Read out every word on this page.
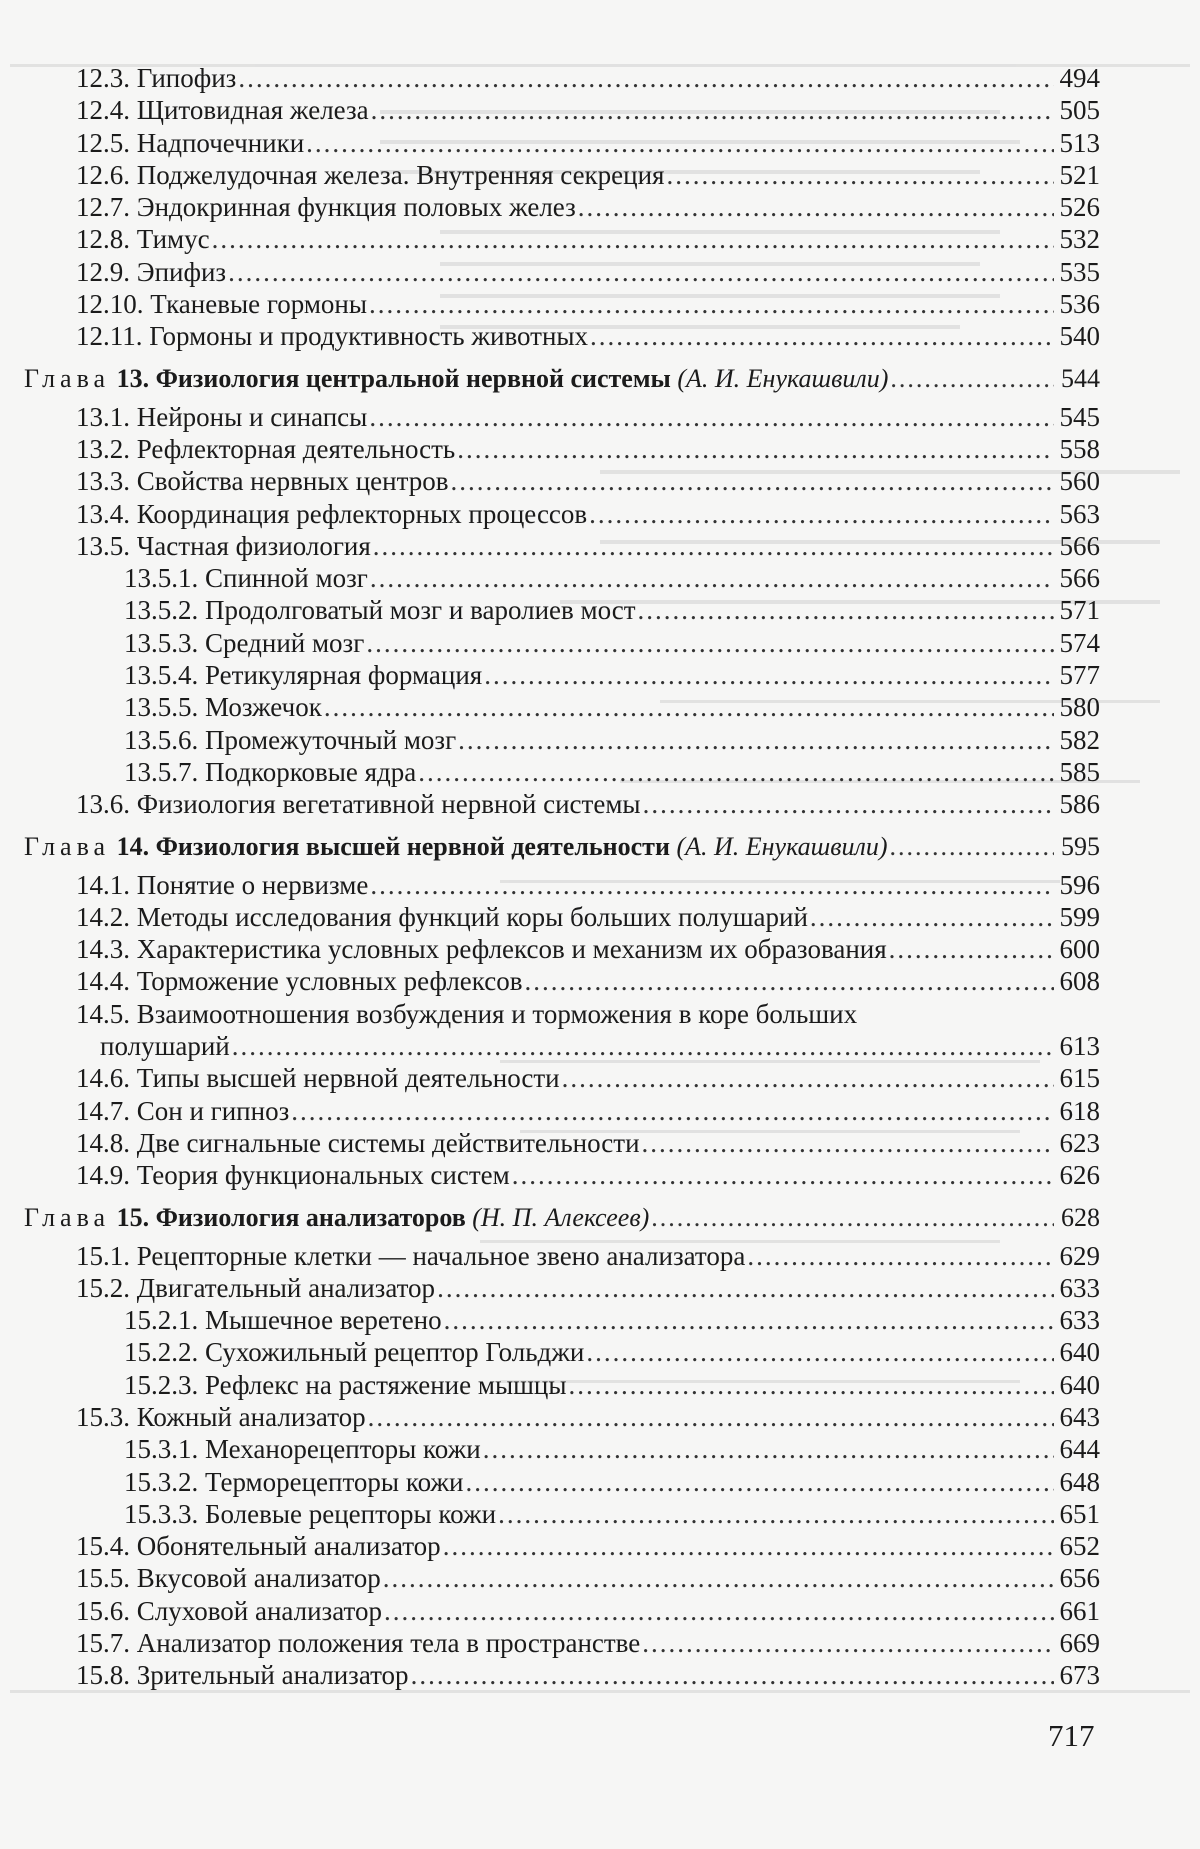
12.3. Гипофиз .....	494
12.4. Щитовидная железа .....	505
12.5. Надпочечники .....	513
12.6. Поджелудочная железа. Внутренняя секреция .....	521
12.7. Эндокринная функция половых желез .....	526
12.8. Тимус .....	532
12.9. Эпифиз .....	535
12.10. Тканевые гормоны .....	536
12.11. Гормоны и продуктивность животных .....	540
Глава 13. Физиология центральной нервной системы (А. И. Енукашвили) .....	544
13.1. Нейроны и синапсы .....	545
13.2. Рефлекторная деятельность .....	558
13.3. Свойства нервных центров .....	560
13.4. Координация рефлекторных процессов .....	563
13.5. Частная физиология .....	566
13.5.1. Спинной мозг .....	566
13.5.2. Продолговатый мозг и варолиев мост .....	571
13.5.3. Средний мозг .....	574
13.5.4. Ретикулярная формация .....	577
13.5.5. Мозжечок .....	580
13.5.6. Промежуточный мозг .....	582
13.5.7. Подкорковые ядра .....	585
13.6. Физиология вегетативной нервной системы .....	586
Глава 14. Физиология высшей нервной деятельности (А. И. Енукашвили) .....	595
14.1. Понятие о нервизме .....	596
14.2. Методы исследования функций коры больших полушарий .....	599
14.3. Характеристика условных рефлексов и механизм их образования .....	600
14.4. Торможение условных рефлексов .....	608
14.5. Взаимоотношения возбуждения и торможения в коре больших
полушарий .....	613
14.6. Типы высшей нервной деятельности .....	615
14.7. Сон и гипноз .....	618
14.8. Две сигнальные системы действительности .....	623
14.9. Теория функциональных систем .....	626
Глава 15. Физиология анализаторов (Н. П. Алексеев) .....	628
15.1. Рецепторные клетки — начальное звено анализатора .....	629
15.2. Двигательный анализатор .....	633
15.2.1. Мышечное веретено .....	633
15.2.2. Сухожильный рецептор Гольджи .....	640
15.2.3. Рефлекс на растяжение мышцы .....	640
15.3. Кожный анализатор .....	643
15.3.1. Механорецепторы кожи .....	644
15.3.2. Терморецепторы кожи .....	648
15.3.3. Болевые рецепторы кожи .....	651
15.4. Обонятельный анализатор .....	652
15.5. Вкусовой анализатор .....	656
15.6. Слуховой анализатор .....	661
15.7. Анализатор положения тела в пространстве .....	669
15.8. Зрительный анализатор .....	673
717
